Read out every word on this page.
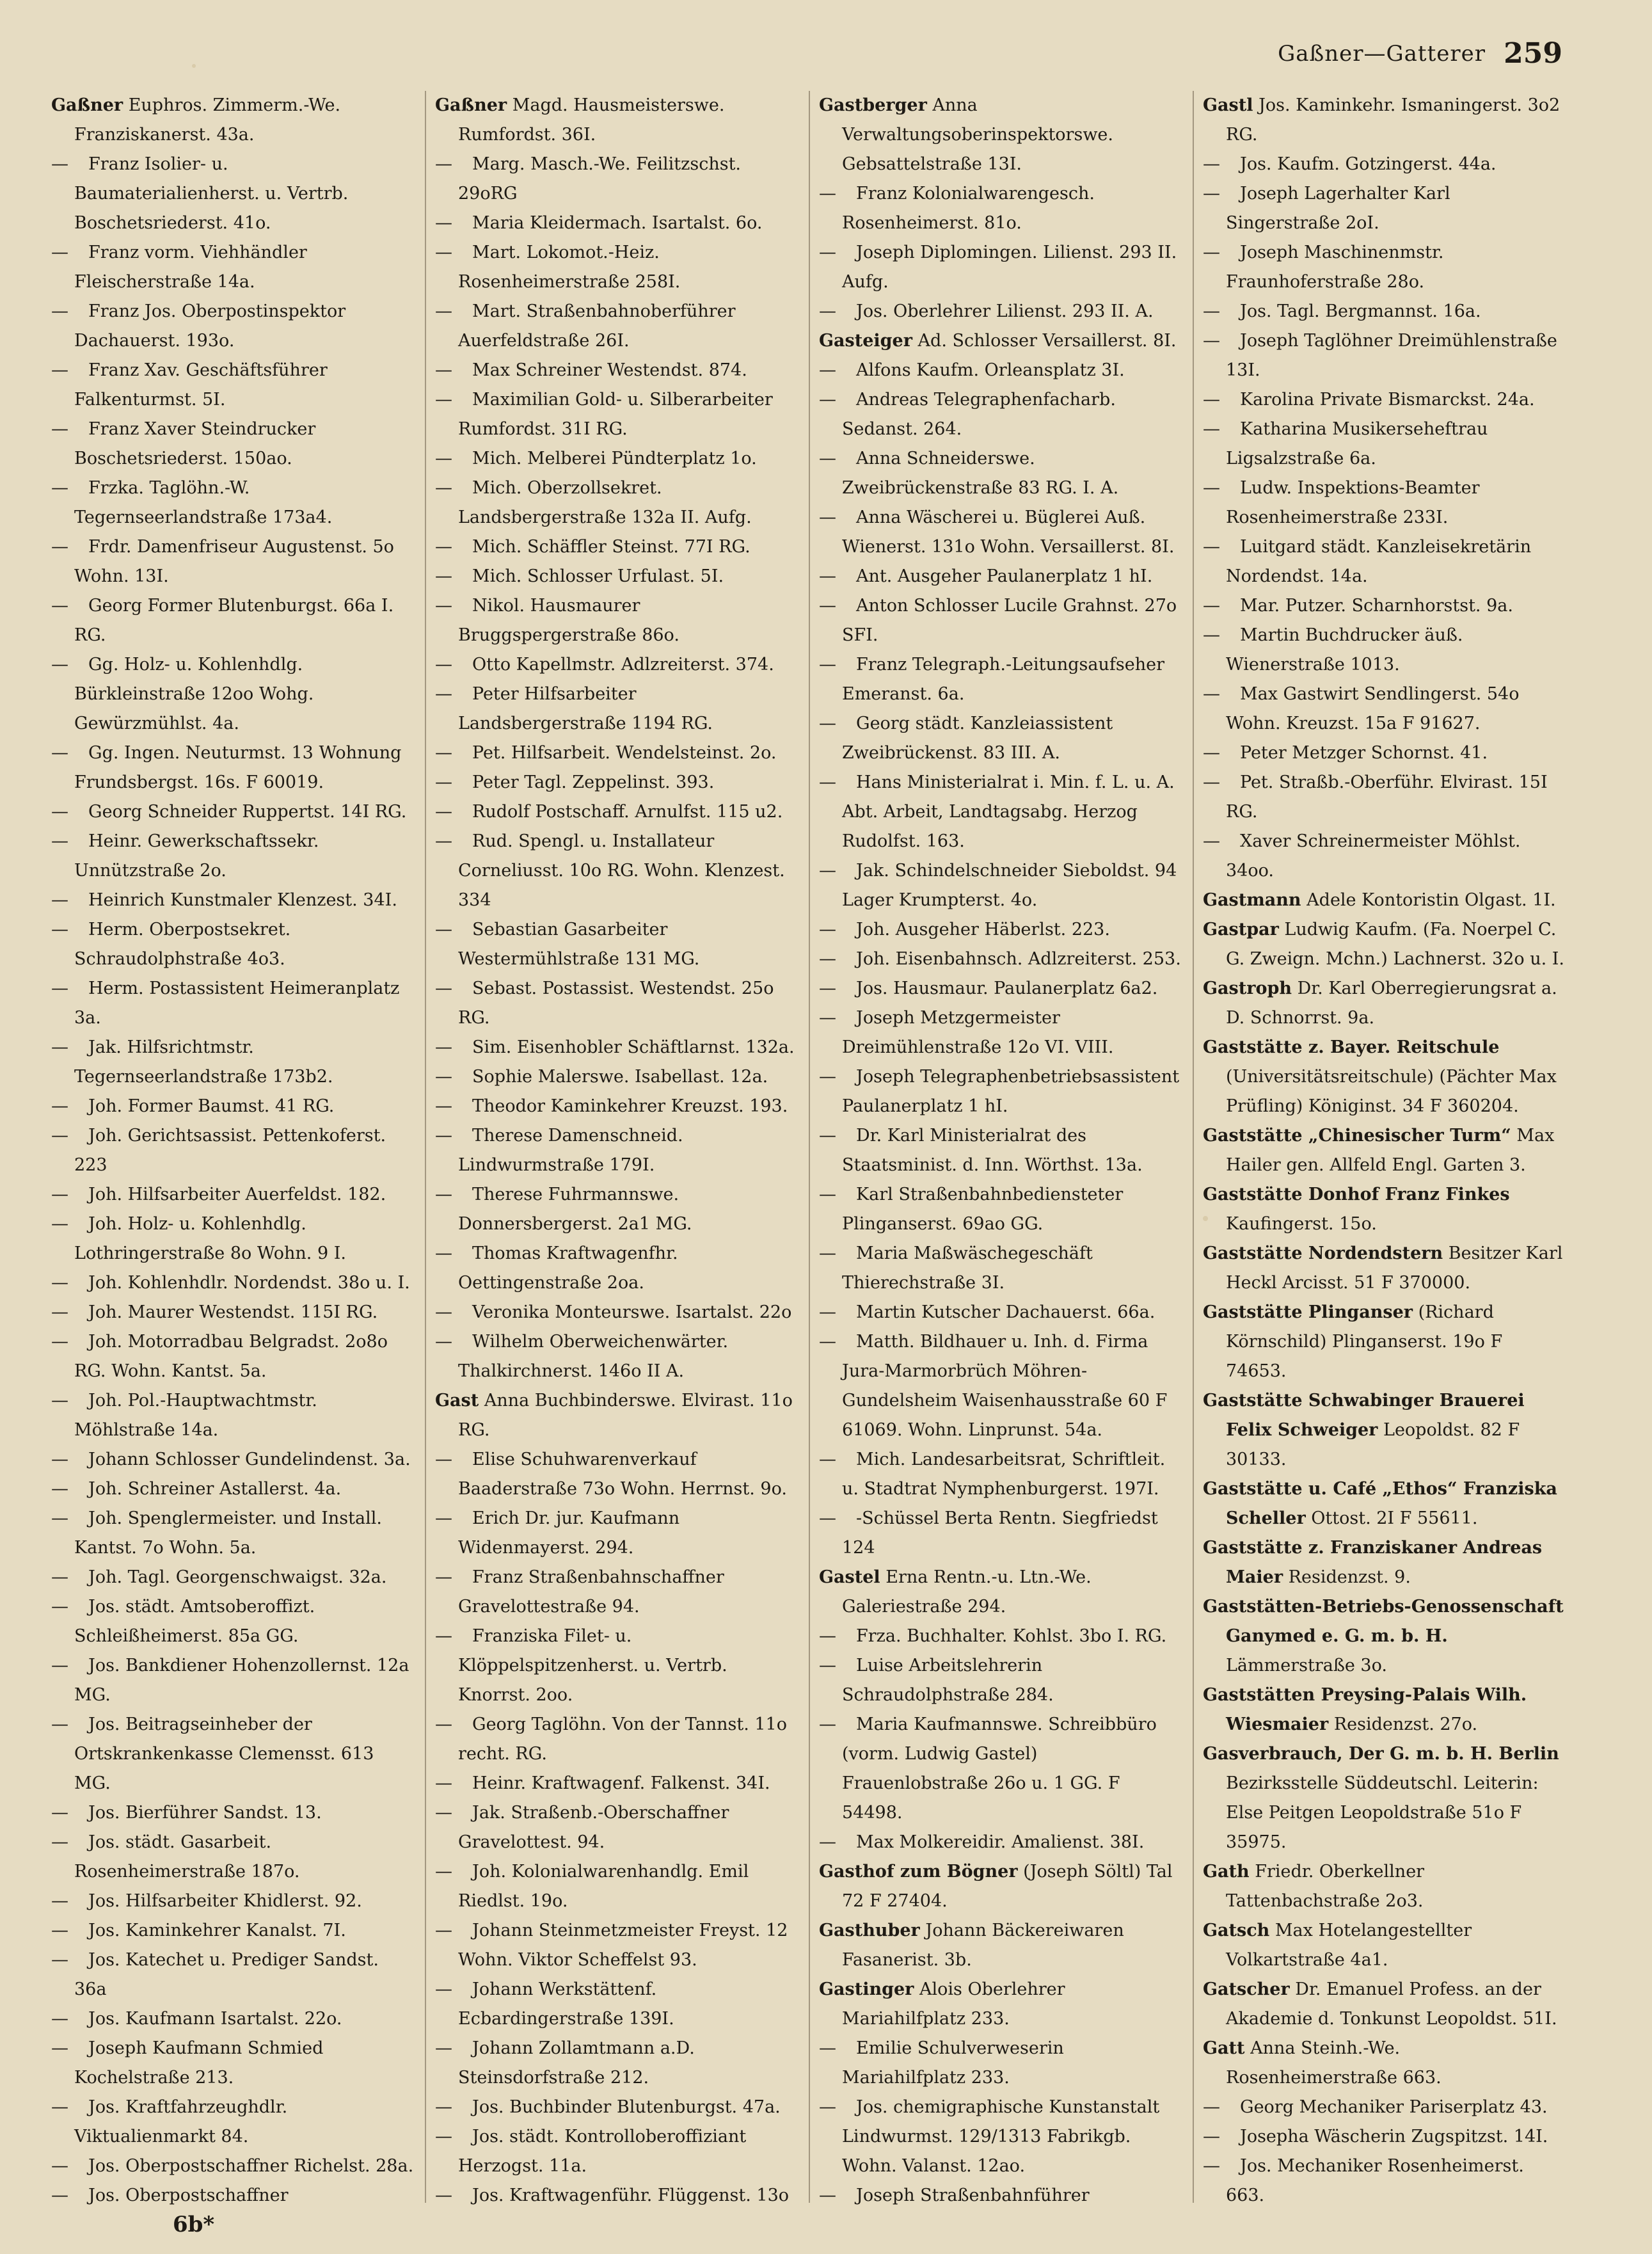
Gaßner—Gatterer 259

Gaßner Euphros. Zimmerm.-We. Franziskanerst. 43a.

— Franz Isolier- u. Baumaterialienherst. u. Vertrb. Boschetsriederst. 41o.

— Franz vorm. Viehhändler Fleischerstraße 14a.

— Franz Jos. Oberpostinspektor Dachauerst. 193o.

— Franz Xav. Geschäftsführer Falkenturmst. 5I.

— Franz Xaver Steindrucker Boschetsriederst. 150ao.

— Frzka. Taglöhn.-W. Tegernseerlandstraße 173a4.

— Frdr. Damenfriseur Augustenst. 5o Wohn. 13I.

— Georg Former Blutenburgst. 66a I. RG.

— Gg. Holz- u. Kohlenhdlg. Bürkleinstraße 12oo Wohg. Gewürzmühlst. 4a.

— Gg. Ingen. Neuturmst. 13 Wohnung Frundsbergst. 16s. F 60019.

— Georg Schneider Ruppertst. 14I RG.

— Heinr. Gewerkschaftssekr. Unnützstraße 2o.

— Heinrich Kunstmaler Klenzest. 34I.

— Herm. Oberpostsekret. Schraudolphstraße 4o3.

— Herm. Postassistent Heimeranplatz 3a.

— Jak. Hilfsrichtmstr. Tegernseerlandstraße 173b2.

— Joh. Former Baumst. 41 RG.

— Joh. Gerichtsassist. Pettenkoferst. 223

— Joh. Hilfsarbeiter Auerfeldst. 182.

— Joh. Holz- u. Kohlenhdlg. Lothringerstraße 8o Wohn. 9 I.

— Joh. Kohlenhdlr. Nordendst. 38o u. I.

— Joh. Maurer Westendst. 115I RG.

— Joh. Motorradbau Belgradst. 2o8o RG. Wohn. Kantst. 5a.

— Joh. Pol.-Hauptwachtmstr. Möhlstraße 14a.

— Johann Schlosser Gundelindenst. 3a.

— Joh. Schreiner Astallerst. 4a.

— Joh. Spenglermeister. und Install. Kantst. 7o Wohn. 5a.

— Joh. Tagl. Georgenschwaigst. 32a.

— Jos. städt. Amtsoberoffizt. Schleißheimerst. 85a GG.

— Jos. Bankdiener Hohenzollernst. 12a MG.

— Jos. Beitragseinheber der Ortskrankenkasse Clemensst. 613 MG.

— Jos. Bierführer Sandst. 13.

— Jos. städt. Gasarbeit. Rosenheimerstraße 187o.

— Jos. Hilfsarbeiter Khidlerst. 92.

— Jos. Kaminkehrer Kanalst. 7I.

— Jos. Katechet u. Prediger Sandst. 36a

— Jos. Kaufmann Isartalst. 22o.

— Joseph Kaufmann Schmied Kochelstraße 213.

— Jos. Kraftfahrzeughdlr. Viktualienmarkt 84.

— Jos. Oberpostschaffner Richelst. 28a.

— Jos. Oberpostschaffner

Gaßner Magd. Hausmeisterswe. Rumfordst. 36I.

— Marg. Masch.-We. Feilitzschst. 29oRG

— Maria Kleidermach. Isartalst. 6o.

— Mart. Lokomot.-Heiz. Rosenheimerstraße 258I.

— Mart. Straßenbahnoberführer Auerfeldstraße 26I.

— Max Schreiner Westendst. 874.

— Maximilian Gold- u. Silberarbeiter Rumfordst. 31I RG.

— Mich. Melberei Pündterplatz 1o.

— Mich. Oberzollsekret. Landsbergerstraße 132a II. Aufg.

— Mich. Schäffler Steinst. 77I RG.

— Mich. Schlosser Urfulast. 5I.

— Nikol. Hausmaurer Bruggspergerstraße 86o.

— Otto Kapellmstr. Adlzreiterst. 374.

— Peter Hilfsarbeiter Landsbergerstraße 1194 RG.

— Pet. Hilfsarbeit. Wendelsteinst. 2o.

— Peter Tagl. Zeppelinst. 393.

— Rudolf Postschaff. Arnulfst. 115 u2.

— Rud. Spengl. u. Installateur Corneliusst. 10o RG. Wohn. Klenzest. 334

— Sebastian Gasarbeiter Westermühlstraße 131 MG.

— Sebast. Postassist. Westendst. 25o RG.

— Sim. Eisenhobler Schäftlarnst. 132a.

— Sophie Malerswe. Isabellast. 12a.

— Theodor Kaminkehrer Kreuzst. 193.

— Therese Damenschneid. Lindwurmstraße 179I.

— Therese Fuhrmannswe. Donnersbergerst. 2a1 MG.

— Thomas Kraftwagenfhr. Oettingenstraße 2oa.

— Veronika Monteurswe. Isartalst. 22o

— Wilhelm Oberweichenwärter. Thalkirchnerst. 146o II A.

Gast Anna Buchbinderswe. Elvirast. 11o RG.

— Elise Schuhwarenverkauf Baaderstraße 73o Wohn. Herrnst. 9o.

— Erich Dr. jur. Kaufmann Widenmayerst. 294.

— Franz Straßenbahnschaffner Gravelottestraße 94.

— Franziska Filet- u. Klöppelspitzenherst. u. Vertrb. Knorrst. 2oo.

— Georg Taglöhn. Von der Tannst. 11o recht. RG.

— Heinr. Kraftwagenf. Falkenst. 34I.

— Jak. Straßenb.-Oberschaffner Gravelottest. 94.

— Joh. Kolonialwarenhandlg. Emil Riedlst. 19o.

— Johann Steinmetzmeister Freyst. 12 Wohn. Viktor Scheffelst 93.

— Johann Werkstättenf. Ecbardingerstraße 139I.

— Johann Zollamtmann a.D. Steinsdorfstraße 212.

— Jos. Buchbinder Blutenburgst. 47a.

— Jos. städt. Kontrolloberoffiziant Herzogst. 11a.

— Jos. Kraftwagenführ. Flüggenst. 13o

Gastberger Anna Verwaltungsoberinspektorswe. Gebsattelstraße 13I.

— Franz Kolonialwarengesch. Rosenheimerst. 81o.

— Joseph Diplomingen. Lilienst. 293 II. Aufg.

— Jos. Oberlehrer Lilienst. 293 II. A.

Gasteiger Ad. Schlosser Versaillerst. 8I.

— Alfons Kaufm. Orleansplatz 3I.

— Andreas Telegraphenfacharb. Sedanst. 264.

— Anna Schneiderswe. Zweibrückenstraße 83 RG. I. A.

— Anna Wäscherei u. Büglerei Auß. Wienerst. 131o Wohn. Versaillerst. 8I.

— Ant. Ausgeher Paulanerplatz 1 hI.

— Anton Schlosser Lucile Grahnst. 27o SFI.

— Franz Telegraph.-Leitungsaufseher Emeranst. 6a.

— Georg städt. Kanzleiassistent Zweibrückenst. 83 III. A.

— Hans Ministerialrat i. Min. f. L. u. A. Abt. Arbeit, Landtagsabg. Herzog Rudolfst. 163.

— Jak. Schindelschneider Sieboldst. 94 Lager Krumpterst. 4o.

— Joh. Ausgeher Häberlst. 223.

— Joh. Eisenbahnsch. Adlzreiterst. 253.

— Jos. Hausmaur. Paulanerplatz 6a2.

— Joseph Metzgermeister Dreimühlenstraße 12o VI. VIII.

— Joseph Telegraphenbetriebsassistent Paulanerplatz 1 hI.

— Dr. Karl Ministerialrat des Staatsminist. d. Inn. Wörthst. 13a.

— Karl Straßenbahnbediensteter Plinganserst. 69ao GG.

— Maria Maßwäschegeschäft Thierechstraße 3I.

— Martin Kutscher Dachauerst. 66a.

— Matth. Bildhauer u. Inh. d. Firma Jura-Marmorbrüch Möhren-Gundelsheim Waisenhausstraße 60 F 61069. Wohn. Linprunst. 54a.

— Mich. Landesarbeitsrat, Schriftleit. u. Stadtrat Nymphenburgerst. 197I.

— -Schüssel Berta Rentn. Siegfriedst 124

Gastel Erna Rentn.-u. Ltn.-We. Galeriestraße 294.

— Frza. Buchhalter. Kohlst. 3bo I. RG.

— Luise Arbeitslehrerin Schraudolphstraße 284.

— Maria Kaufmannswe. Schreibbüro (vorm. Ludwig Gastel) Frauenlobstraße 26o u. 1 GG. F 54498.

— Max Molkereidir. Amalienst. 38I.

Gasthof zum Bögner (Joseph Söltl) Tal 72 F 27404.

Gasthuber Johann Bäckereiwaren Fasanerist. 3b.

Gastinger Alois Oberlehrer Mariahilfplatz 233.

— Emilie Schulverweserin Mariahilfplatz 233.

— Jos. chemigraphische Kunstanstalt Lindwurmst. 129/1313 Fabrikgb. Wohn. Valanst. 12ao.

— Joseph Straßenbahnführer

Gastl Jos. Kaminkehr. Ismaningerst. 3o2 RG.

— Jos. Kaufm. Gotzingerst. 44a.

— Joseph Lagerhalter Karl Singerstraße 2oI.

— Joseph Maschinenmstr. Fraunhoferstraße 28o.

— Jos. Tagl. Bergmannst. 16a.

— Joseph Taglöhner Dreimühlenstraße 13I.

— Karolina Private Bismarckst. 24a.

— Katharina Musikerseheftrau Ligsalzstraße 6a.

— Ludw. Inspektions-Beamter Rosenheimerstraße 233I.

— Luitgard städt. Kanzleisekretärin Nordendst. 14a.

— Mar. Putzer. Scharnhorstst. 9a.

— Martin Buchdrucker äuß. Wienerstraße 1013.

— Max Gastwirt Sendlingerst. 54o Wohn. Kreuzst. 15a F 91627.

— Peter Metzger Schornst. 41.

— Pet. Straßb.-Oberführ. Elvirast. 15I RG.

— Xaver Schreinermeister Möhlst. 34oo.

Gastmann Adele Kontoristin Olgast. 1I.

Gastpar Ludwig Kaufm. (Fa. Noerpel C. G. Zweign. Mchn.) Lachnerst. 32o u. I.

Gastroph Dr. Karl Oberregierungsrat a. D. Schnorrst. 9a.

Gaststätte z. Bayer. Reitschule (Universitätsreitschule) (Pächter Max Prüfling) Königinst. 34 F 360204.

Gaststätte „Chinesischer Turm“ Max Hailer gen. Allfeld Engl. Garten 3.

Gaststätte Donhof Franz Finkes Kaufingerst. 15o.

Gaststätte Nordendstern Besitzer Karl Heckl Arcisst. 51 F 370000.

Gaststätte Plinganser (Richard Körnschild) Plinganserst. 19o F 74653.

Gaststätte Schwabinger Brauerei Felix Schweiger Leopoldst. 82 F 30133.

Gaststätte u. Café „Ethos“ Franziska Scheller Ottost. 2I F 55611.

Gaststätte z. Franziskaner Andreas Maier Residenzst. 9.

Gaststätten-Betriebs-Genossenschaft Ganymed e. G. m. b. H. Lämmerstraße 3o.

Gaststätten Preysing-Palais Wilh. Wiesmaier Residenzst. 27o.

Gasverbrauch, Der G. m. b. H. Berlin Bezirksstelle Süddeutschl. Leiterin: Else Peitgen Leopoldstraße 51o F 35975.

Gath Friedr. Oberkellner Tattenbachstraße 2o3.

Gatsch Max Hotelangestellter Volkartstraße 4a1.

Gatscher Dr. Emanuel Profess. an der Akademie d. Tonkunst Leopoldst. 51I.

Gatt Anna Steinh.-We. Rosenheimerstraße 663.

— Georg Mechaniker Pariserplatz 43.

— Josepha Wäscherin Zugspitzst. 14I.

— Jos. Mechaniker Rosenheimerst. 663.

6b*
